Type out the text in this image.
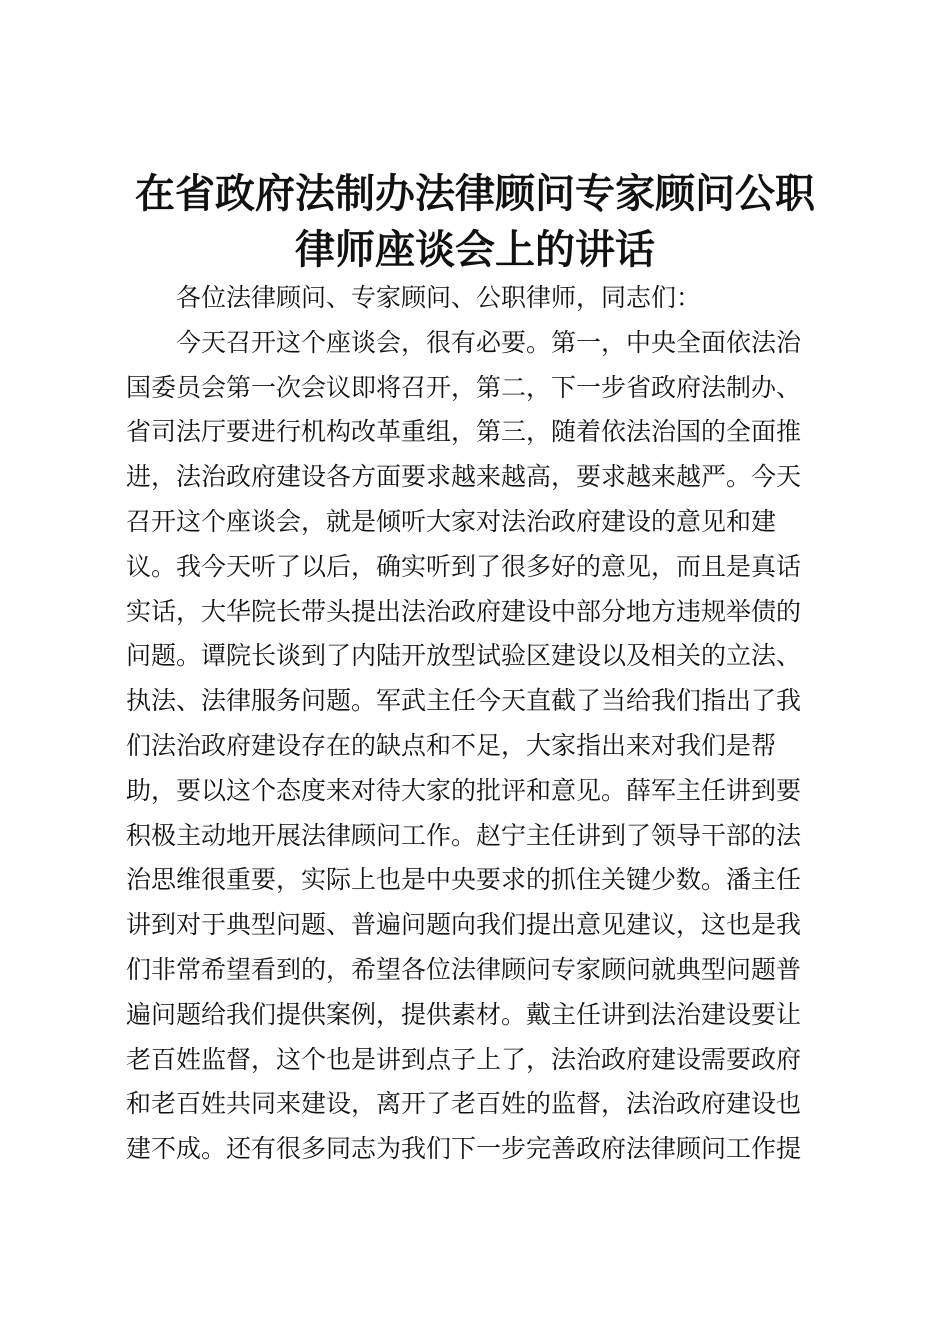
在省政府法制办法律顾问专家顾问公职
律师座谈会上的讲话
各位法律顾问、专家顾问、公职律师，同志们：
今天召开这个座谈会，很有必要。第一，中央全面依法治
国委员会第一次会议即将召开，第二，下一步省政府法制办、
省司法厅要进行机构改革重组，第三，随着依法治国的全面推
进，法治政府建设各方面要求越来越高，要求越来越严。今天
召开这个座谈会，就是倾听大家对法治政府建设的意见和建
议。我今天听了以后，确实听到了很多好的意见，而且是真话
实话，大华院长带头提出法治政府建设中部分地方违规举债的
问题。谭院长谈到了内陆开放型试验区建设以及相关的立法、
执法、法律服务问题。军武主任今天直截了当给我们指出了我
们法治政府建设存在的缺点和不足，大家指出来对我们是帮
助，要以这个态度来对待大家的批评和意见。薛军主任讲到要
积极主动地开展法律顾问工作。赵宁主任讲到了领导干部的法
治思维很重要，实际上也是中央要求的抓住关键少数。潘主任
讲到对于典型问题、普遍问题向我们提出意见建议，这也是我
们非常希望看到的，希望各位法律顾问专家顾问就典型问题普
遍问题给我们提供案例，提供素材。戴主任讲到法治建设要让
老百姓监督，这个也是讲到点子上了，法治政府建设需要政府
和老百姓共同来建设，离开了老百姓的监督，法治政府建设也
建不成。还有很多同志为我们下一步完善政府法律顾问工作提
